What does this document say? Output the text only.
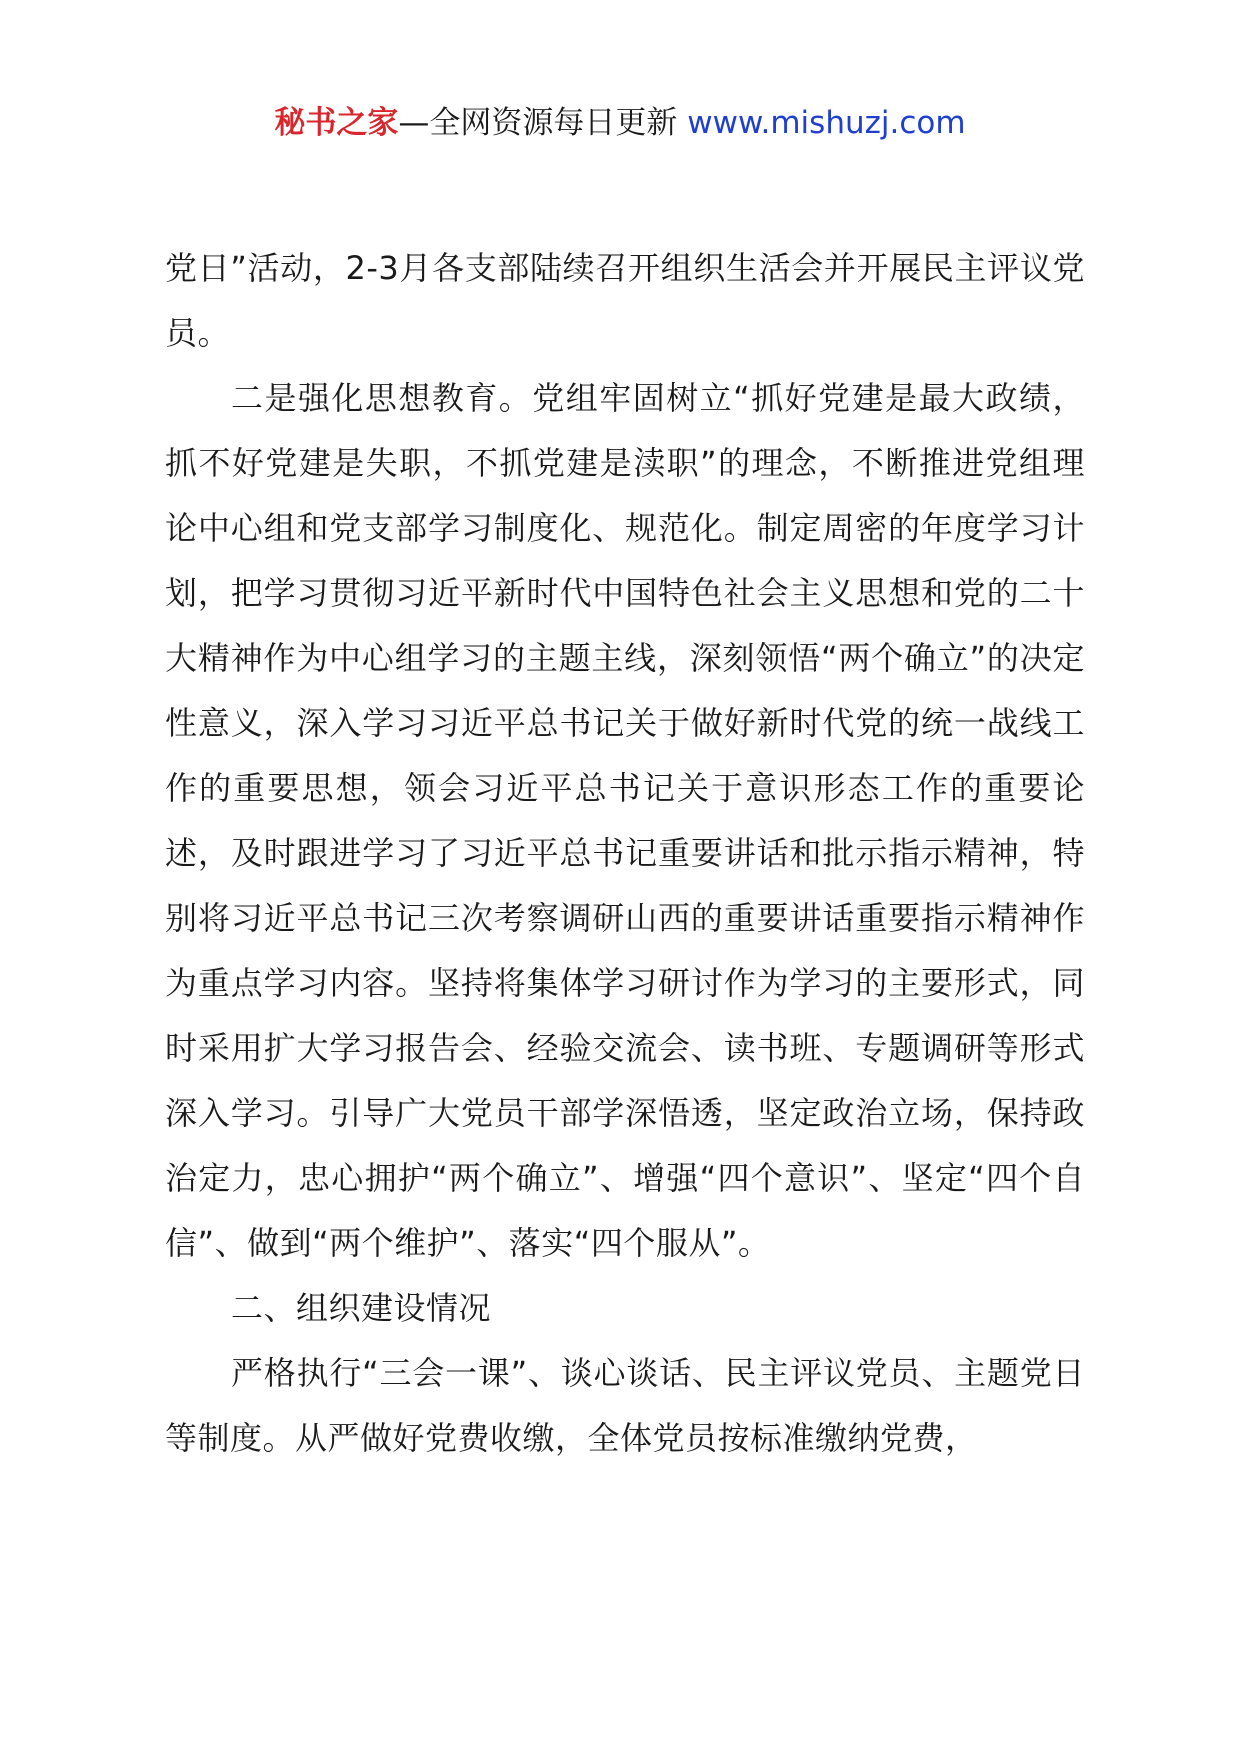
秘书之家—全网资源每日更新 www.mishuzj.com

党日”活动，2-3月各支部陆续召开组织生活会并开展民主评议党员。

二是强化思想教育。党组牢固树立“抓好党建是最大政绩，抓不好党建是失职，不抓党建是渎职”的理念，不断推进党组理论中心组和党支部学习制度化、规范化。制定周密的年度学习计划，把学习贯彻习近平新时代中国特色社会主义思想和党的二十大精神作为中心组学习的主题主线，深刻领悟“两个确立”的决定性意义，深入学习习近平总书记关于做好新时代党的统一战线工作的重要思想，领会习近平总书记关于意识形态工作的重要论述，及时跟进学习了习近平总书记重要讲话和批示指示精神，特别将习近平总书记三次考察调研山西的重要讲话重要指示精神作为重点学习内容。坚持将集体学习研讨作为学习的主要形式，同时采用扩大学习报告会、经验交流会、读书班、专题调研等形式深入学习。引导广大党员干部学深悟透，坚定政治立场，保持政治定力，忠心拥护“两个确立”、增强“四个意识”、坚定“四个自信”、做到“两个维护”、落实“四个服从”。

二、组织建设情况

严格执行“三会一课”、谈心谈话、民主评议党员、主题党日等制度。从严做好党费收缴，全体党员按标准缴纳党费，
